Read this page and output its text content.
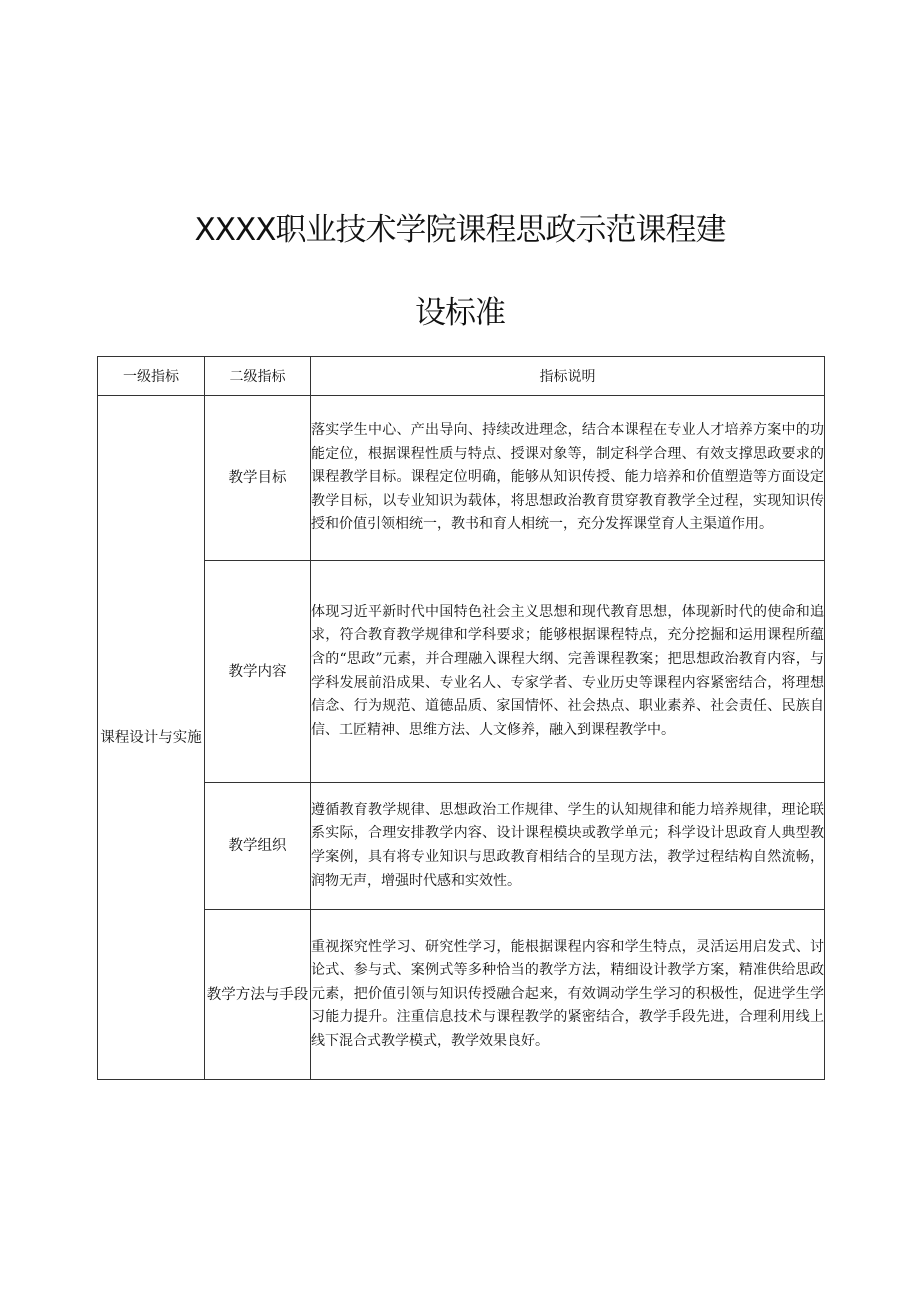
XXXX职业技术学院课程思政示范课程建
设标准
一级指标	二级指标	指标说明
课程设计与实施	教学目标	落实学生中心、产出导向、持续改进理念，结合本课程在专业人才培养方案中的功能定位，根据课程性质与特点、授课对象等，制定科学合理、有效支撑思政要求的课程教学目标。课程定位明确，能够从知识传授、能力培养和价值塑造等方面设定教学目标，以专业知识为载体，将思想政治教育贯穿教育教学全过程，实现知识传授和价值引领相统一，教书和育人相统一，充分发挥课堂育人主渠道作用。
	教学内容	体现习近平新时代中国特色社会主义思想和现代教育思想，体现新时代的使命和追求，符合教育教学规律和学科要求；能够根据课程特点，充分挖掘和运用课程所蕴含的“思政”元素，并合理融入课程大纲、完善课程教案；把思想政治教育内容，与学科发展前沿成果、专业名人、专家学者、专业历史等课程内容紧密结合，将理想信念、行为规范、道德品质、家国情怀、社会热点、职业素养、社会责任、民族自信、工匠精神、思维方法、人文修养，融入到课程教学中。
	教学组织	遵循教育教学规律、思想政治工作规律、学生的认知规律和能力培养规律，理论联系实际，合理安排教学内容、设计课程模块或教学单元；科学设计思政育人典型教学案例，具有将专业知识与思政教育相结合的呈现方法，教学过程结构自然流畅，润物无声，增强时代感和实效性。
	教学方法与手段	重视探究性学习、研究性学习，能根据课程内容和学生特点，灵活运用启发式、讨论式、参与式、案例式等多种恰当的教学方法，精细设计教学方案，精准供给思政元素，把价值引领与知识传授融合起来，有效调动学生学习的积极性，促进学生学习能力提升。注重信息技术与课程教学的紧密结合，教学手段先进，合理利用线上线下混合式教学模式，教学效果良好。
